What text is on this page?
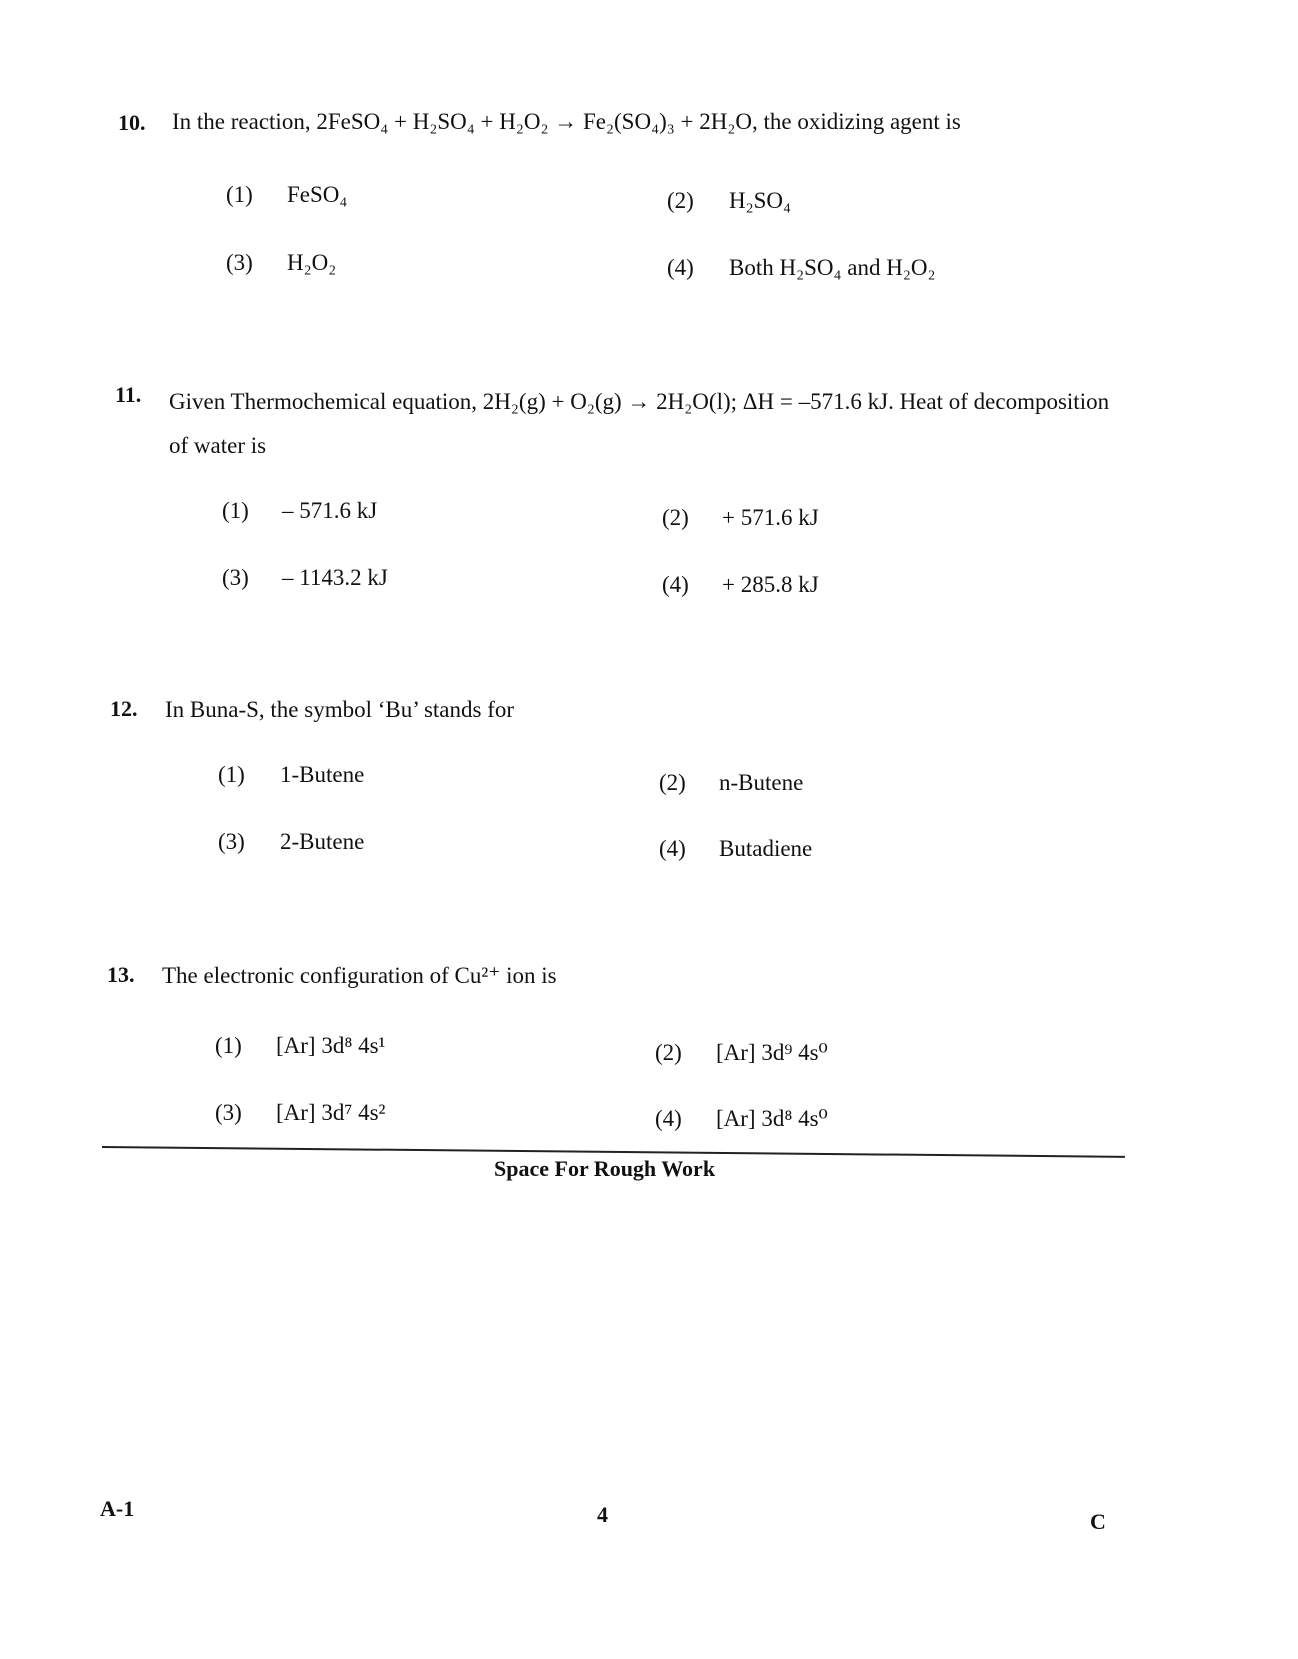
10. In the reaction, 2FeSO₄ + H₂SO₄ + H₂O₂ → Fe₂(SO₄)₃ + 2H₂O, the oxidizing agent is
(1) FeSO₄	(2) H₂SO₄
(3) H₂O₂	(4) Both H₂SO₄ and H₂O₂
11. Given Thermochemical equation, 2H₂(g) + O₂(g) → 2H₂O(l); ΔH = –571.6 kJ. Heat of decomposition of water is
(1) – 571.6 kJ	(2) + 571.6 kJ
(3) – 1143.2 kJ	(4) + 285.8 kJ
12. In Buna-S, the symbol ‘Bu’ stands for
(1) 1-Butene	(2) n-Butene
(3) 2-Butene	(4) Butadiene
13. The electronic configuration of Cu²⁺ ion is
(1) [Ar] 3d⁸ 4s¹	(2) [Ar] 3d⁹ 4s⁰
(3) [Ar] 3d⁷ 4s²	(4) [Ar] 3d⁸ 4s⁰
Space For Rough Work
A-1	4	C
